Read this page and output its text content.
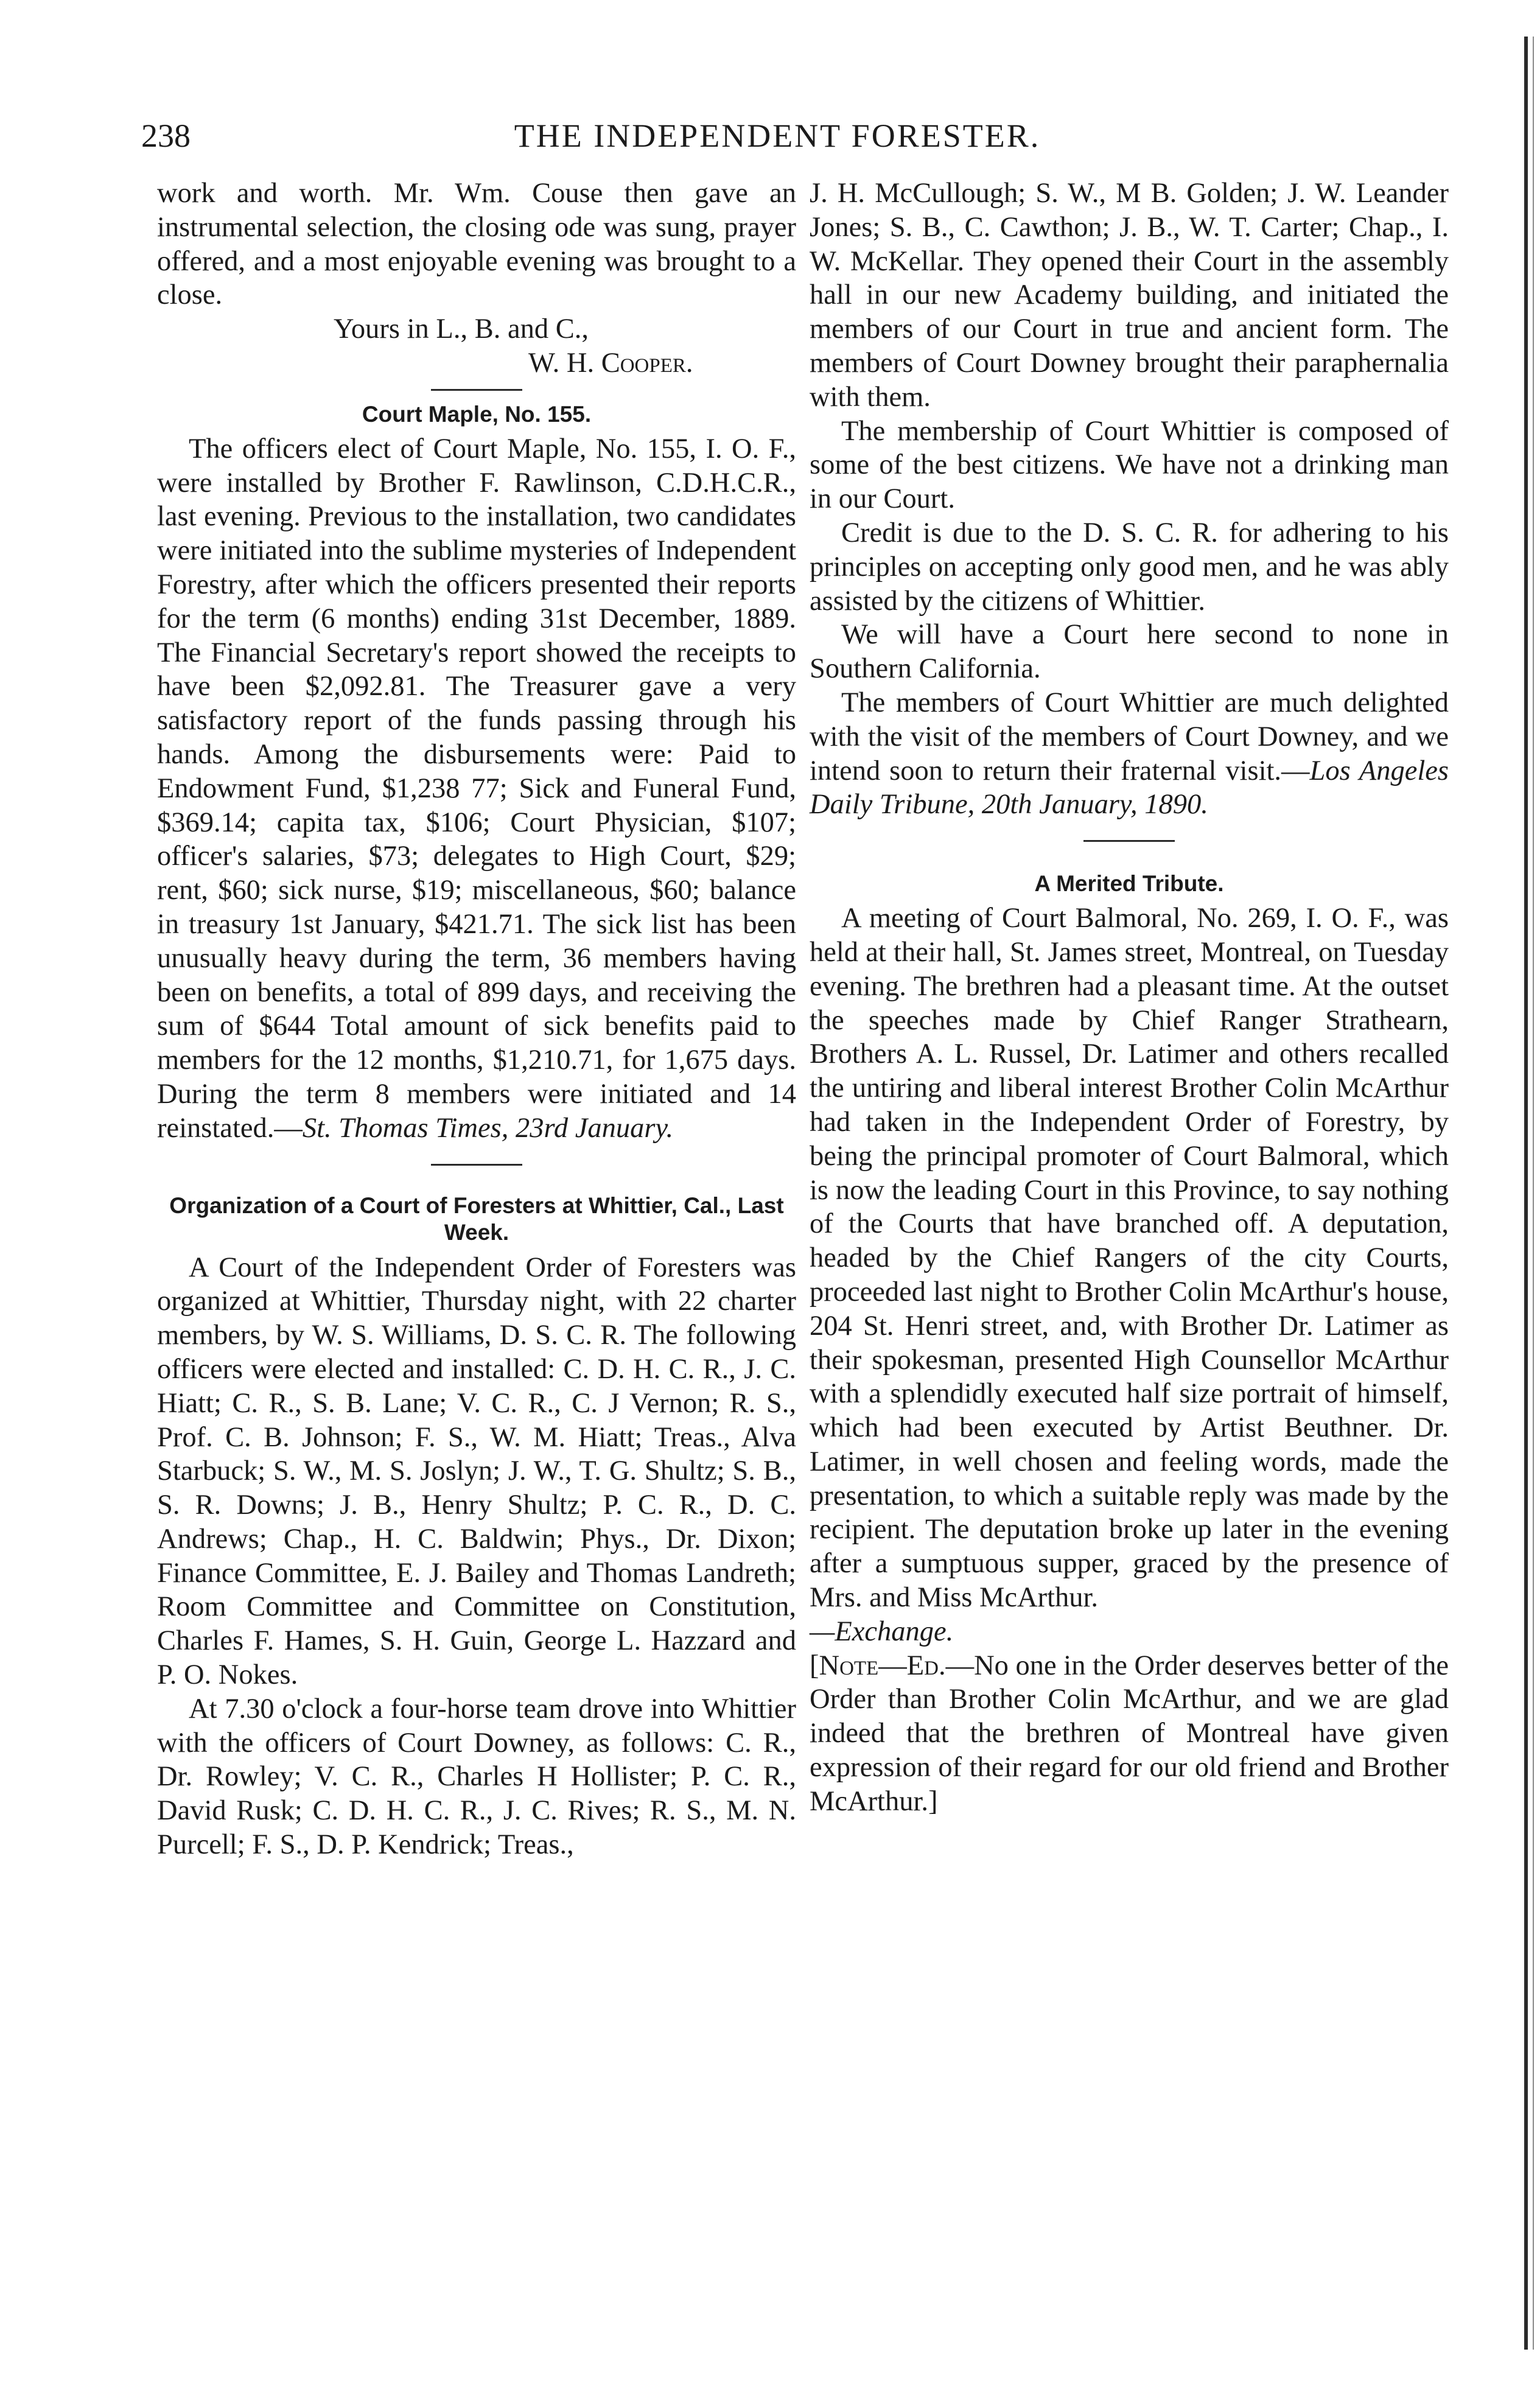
238	THE INDEPENDENT FORESTER.

work and worth. Mr. Wm. Couse then gave an instrumental selection, the closing ode was sung, prayer offered, and a most enjoyable evening was brought to a close.

Yours in L., B. and C.,

W. H. Cooper.

Court Maple, No. 155.

The officers elect of Court Maple, No. 155, I. O. F., were installed by Brother F. Rawlinson, C.D.H.C.R., last evening. Previous to the installation, two candidates were initiated into the sublime mysteries of Independent Forestry, after which the officers presented their reports for the term (6 months) ending 31st December, 1889. The Financial Secretary's report showed the receipts to have been $2,092.81. The Treasurer gave a very satisfactory report of the funds passing through his hands. Among the disbursements were: Paid to Endowment Fund, $1,238 77; Sick and Funeral Fund, $369.14; capita tax, $106; Court Physician, $107; officer's salaries, $73; delegates to High Court, $29; rent, $60; sick nurse, $19; miscellaneous, $60; balance in treasury 1st January, $421.71. The sick list has been unusually heavy during the term, 36 members having been on benefits, a total of 899 days, and receiving the sum of $644 Total amount of sick benefits paid to members for the 12 months, $1,210.71, for 1,675 days. During the term 8 members were initiated and 14 reinstated.—St. Thomas Times, 23rd January.

Organization of a Court of Foresters at Whittier, Cal., Last Week.

A Court of the Independent Order of Foresters was organized at Whittier, Thursday night, with 22 charter members, by W. S. Williams, D. S. C. R. The following officers were elected and installed: C. D. H. C. R., J. C. Hiatt; C. R., S. B. Lane; V. C. R., C. J Vernon; R. S., Prof. C. B. Johnson; F. S., W. M. Hiatt; Treas., Alva Starbuck; S. W., M. S. Joslyn; J. W., T. G. Shultz; S. B., S. R. Downs; J. B., Henry Shultz; P. C. R., D. C. Andrews; Chap., H. C. Baldwin; Phys., Dr. Dixon; Finance Committee, E. J. Bailey and Thomas Landreth; Room Committee and Committee on Constitution, Charles F. Hames, S. H. Guin, George L. Hazzard and P. O. Nokes.

At 7.30 o'clock a four-horse team drove into Whittier with the officers of Court Downey, as follows: C. R., Dr. Rowley; V. C. R., Charles H Hollister; P. C. R., David Rusk; C. D. H. C. R., J. C. Rives; R. S., M. N. Purcell; F. S., D. P. Kendrick; Treas.,

J. H. McCullough; S. W., M B. Golden; J. W. Leander Jones; S. B., C. Cawthon; J. B., W. T. Carter; Chap., I. W. McKellar. They opened their Court in the assembly hall in our new Academy building, and initiated the members of our Court in true and ancient form. The members of Court Downey brought their paraphernalia with them.

The membership of Court Whittier is composed of some of the best citizens. We have not a drinking man in our Court.

Credit is due to the D. S. C. R. for adhering to his principles on accepting only good men, and he was ably assisted by the citizens of Whittier.

We will have a Court here second to none in Southern California.

The members of Court Whittier are much delighted with the visit of the members of Court Downey, and we intend soon to return their fraternal visit.—Los Angeles Daily Tribune, 20th January, 1890.

A Merited Tribute.

A meeting of Court Balmoral, No. 269, I. O. F., was held at their hall, St. James street, Montreal, on Tuesday evening. The brethren had a pleasant time. At the outset the speeches made by Chief Ranger Strathearn, Brothers A. L. Russel, Dr. Latimer and others recalled the untiring and liberal interest Brother Colin McArthur had taken in the Independent Order of Forestry, by being the principal promoter of Court Balmoral, which is now the leading Court in this Province, to say nothing of the Courts that have branched off. A deputation, headed by the Chief Rangers of the city Courts, proceeded last night to Brother Colin McArthur's house, 204 St. Henri street, and, with Brother Dr. Latimer as their spokesman, presented High Counsellor McArthur with a splendidly executed half size portrait of himself, which had been executed by Artist Beuthner. Dr. Latimer, in well chosen and feeling words, made the presentation, to which a suitable reply was made by the recipient. The deputation broke up later in the evening after a sumptuous supper, graced by the presence of Mrs. and Miss McArthur.

—Exchange.

[Note—Ed.—No one in the Order deserves better of the Order than Brother Colin McArthur, and we are glad indeed that the brethren of Montreal have given expression of their regard for our old friend and Brother McArthur.]
